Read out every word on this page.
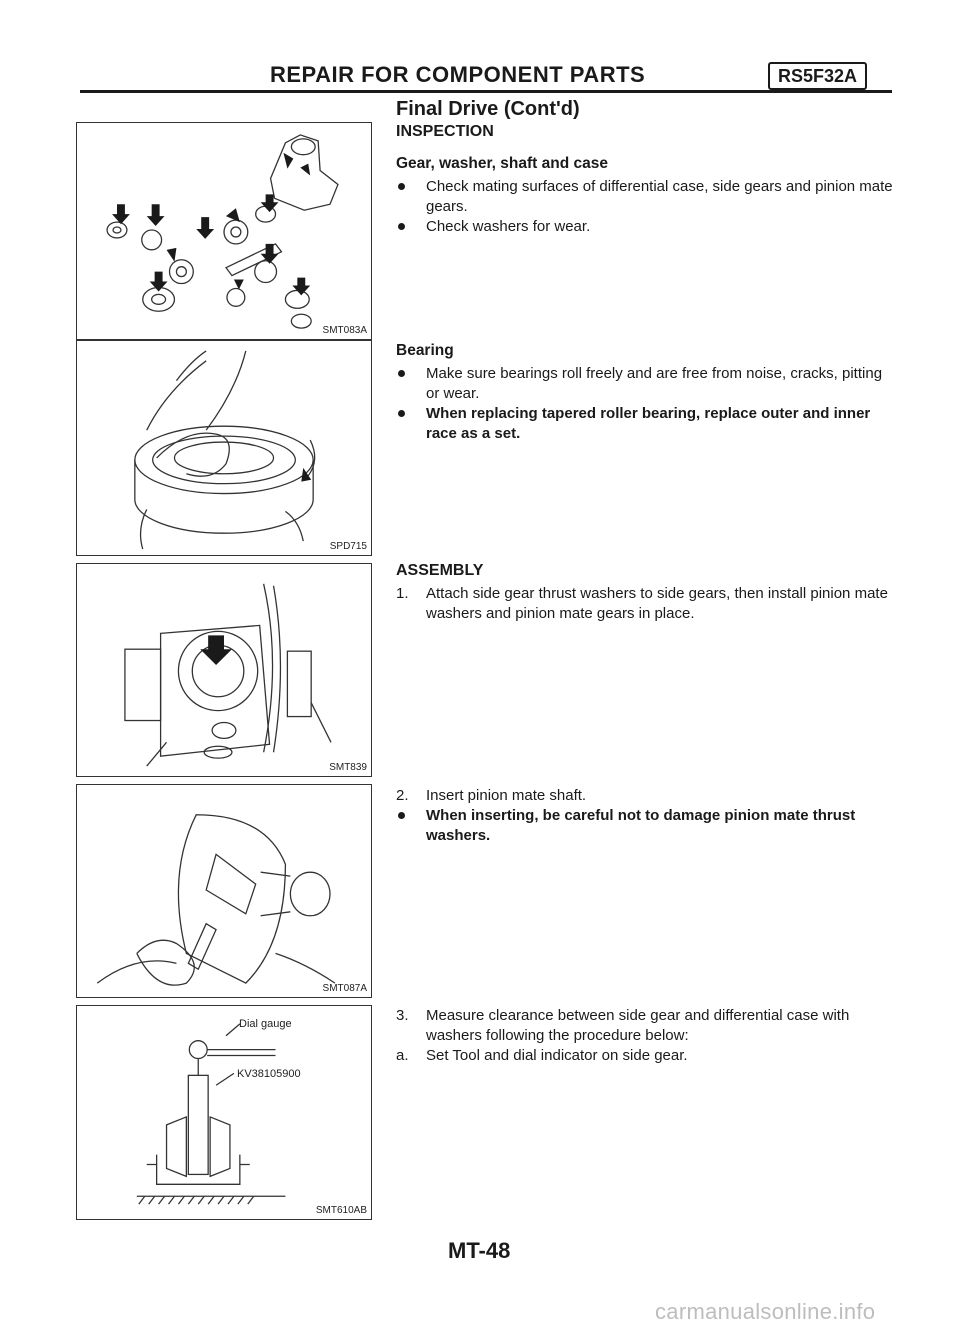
REPAIR FOR COMPONENT PARTS	RS5F32A
SMT083A
SPD715
SMT839
SMT087A
Dial gauge
KV38105900
SMT610AB

Final Drive (Cont'd)

INSPECTION

Gear, washer, shaft and case

Check mating surfaces of differential case, side gears and pinion mate gears.
Check washers for wear.

Bearing

Make sure bearings roll freely and are free from noise, cracks, pitting or wear.
When replacing tapered roller bearing, replace outer and inner race as a set.

ASSEMBLY

1. Attach side gear thrust washers to side gears, then install pinion mate washers and pinion mate gears in place.
2. Insert pinion mate shaft.
When inserting, be careful not to damage pinion mate thrust washers.
3. Measure clearance between side gear and differential case with washers following the procedure below:
a. Set Tool and dial indicator on side gear.
MT-48
carmanualsonline.info
